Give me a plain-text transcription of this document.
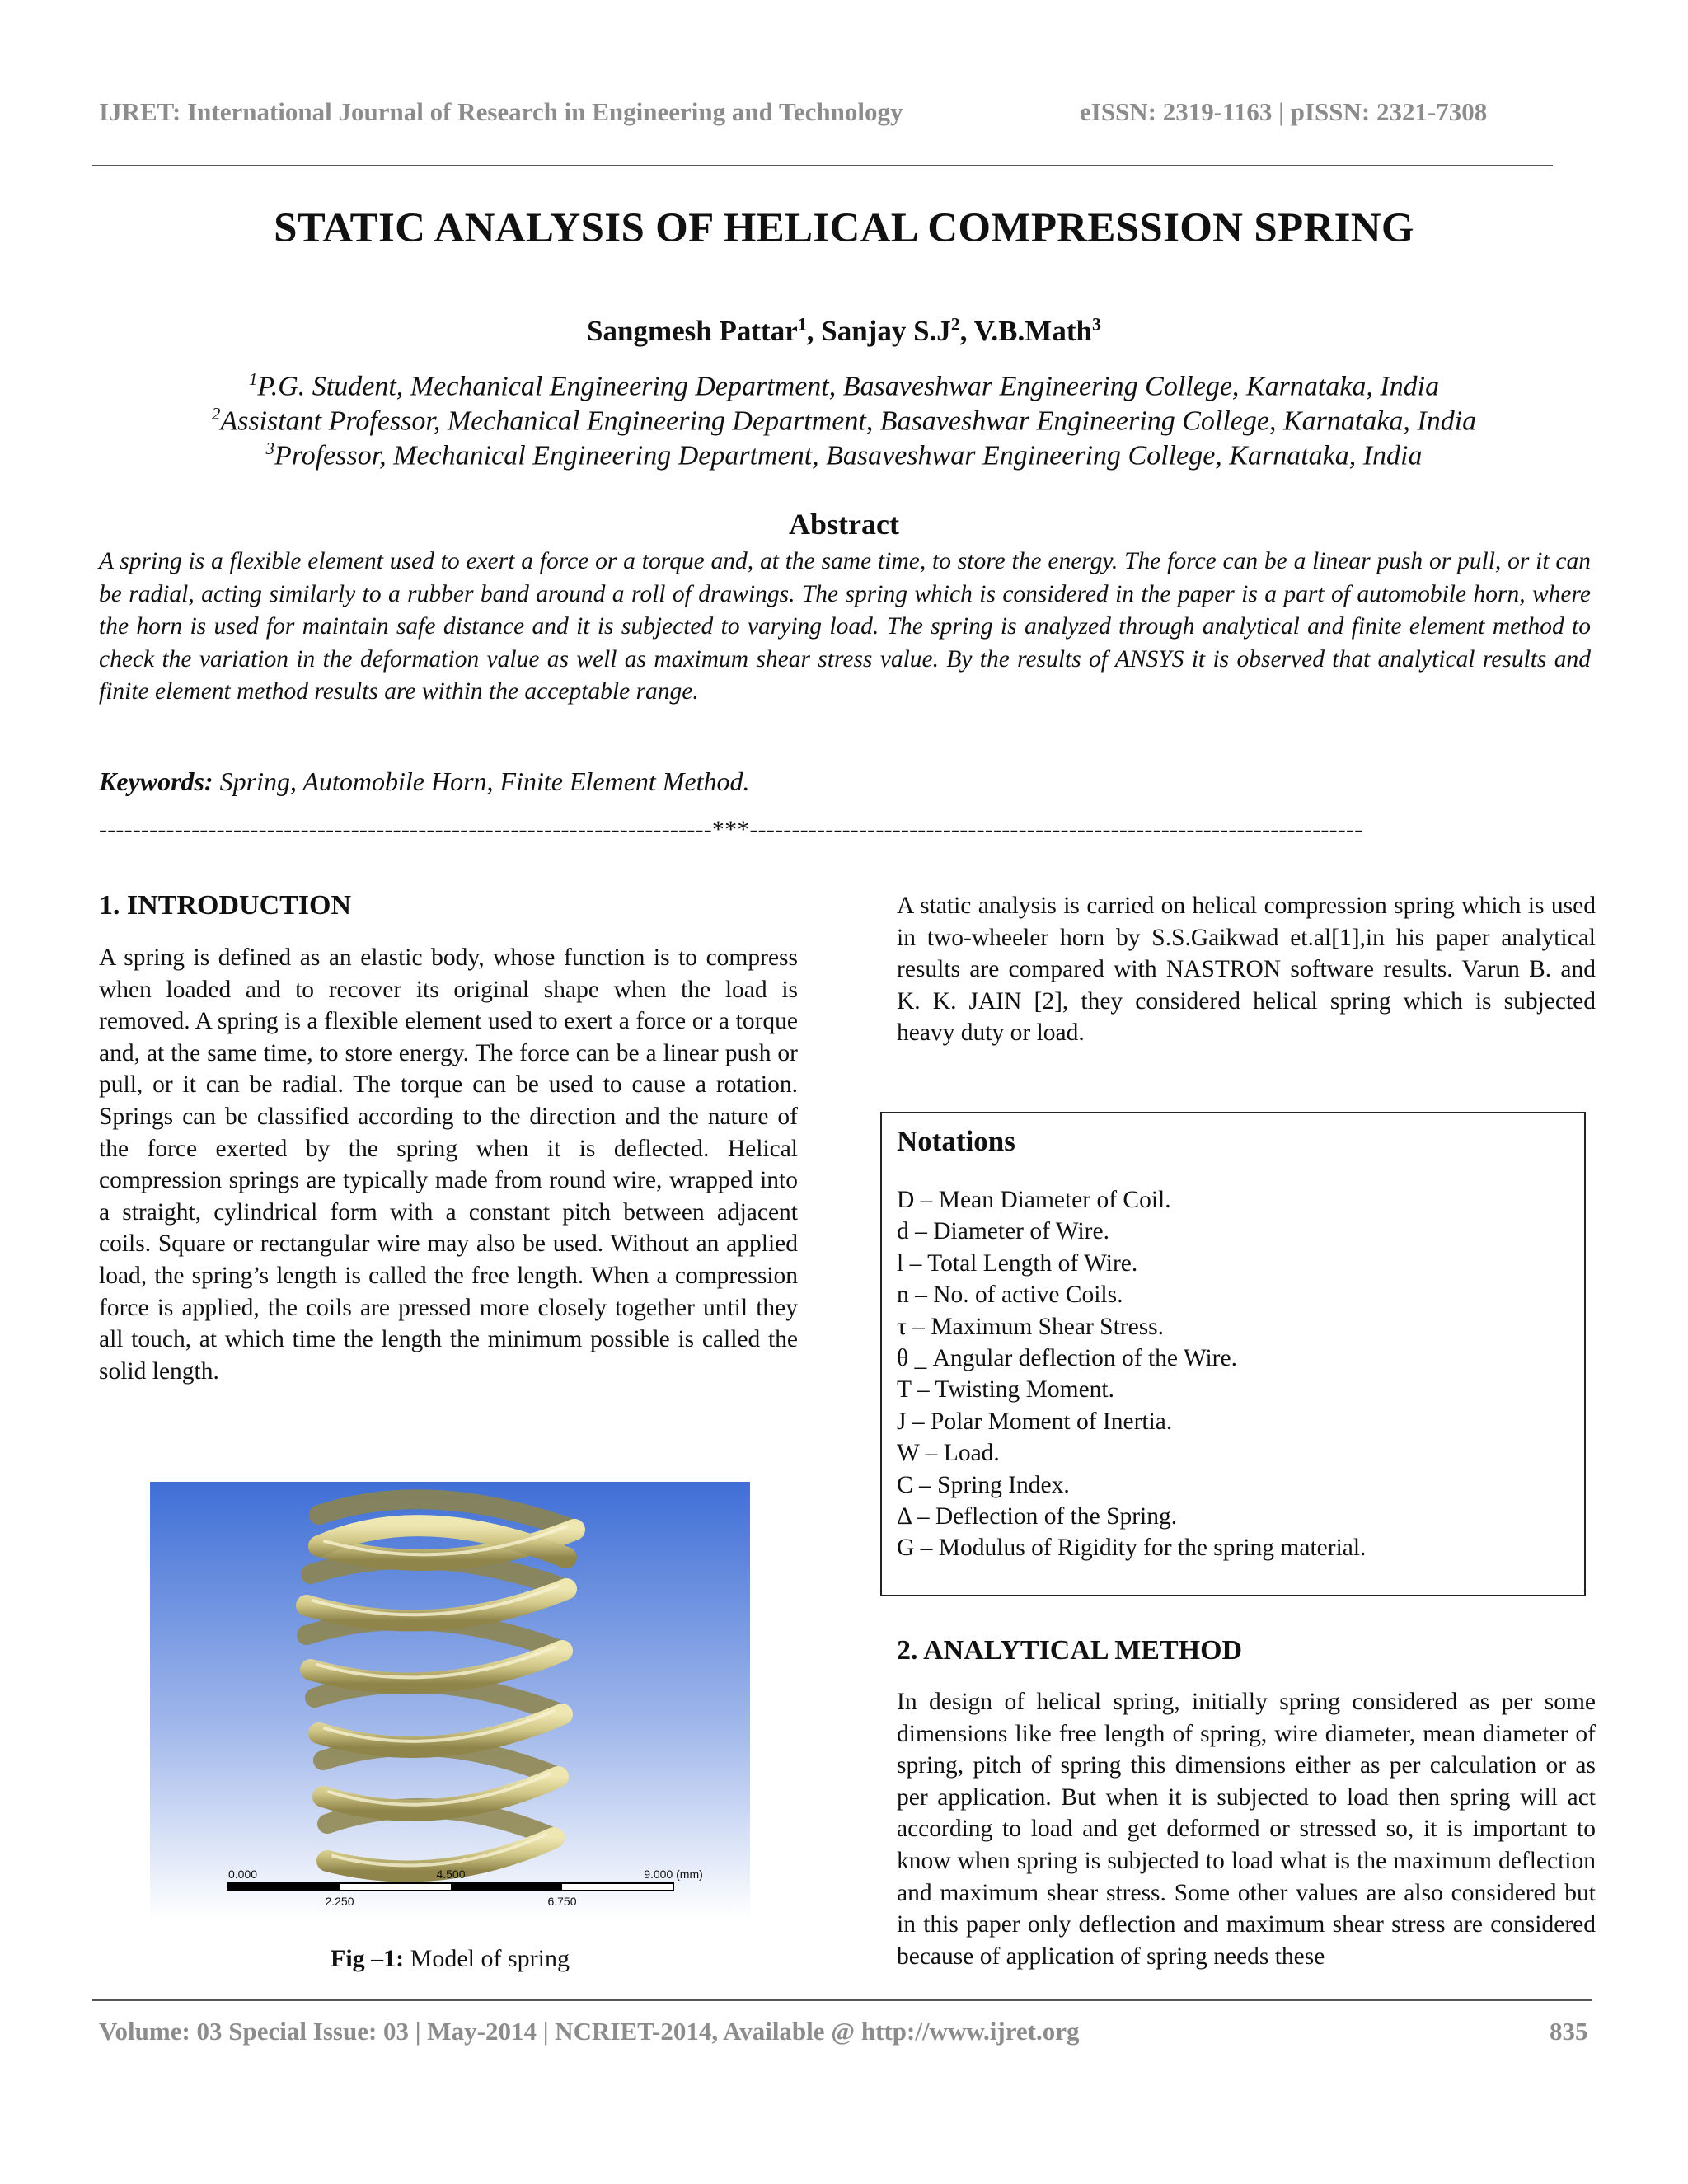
IJRET: International Journal of Research in Engineering and Technology	eISSN: 2319-1163 | pISSN: 2321-7308
STATIC ANALYSIS OF HELICAL COMPRESSION SPRING
Sangmesh Pattar$^1$, Sanjay $S.J^2$, V.B.Math$^3$
$^1$P.G. Student, Mechanical Engineering Department, Basaveshwar Engineering College, Karnataka, India
$^2$Assistant Professor, Mechanical Engineering Department, Basaveshwar Engineering College, Karnataka, India
$^3$Professor, Mechanical Engineering Department, Basaveshwar Engineering College, Karnataka, India
Abstract
A spring is a flexible element used to exert a force or a torque and, at the same time, to store the energy. The force can be a linear push or pull, or it can be radial, acting similarly to a rubber band around a roll of drawings. The spring which is considered in the paper is a part of automobile horn, where the horn is used for maintain safe distance and it is subjected to varying load. The spring is analyzed through analytical and finite element method to check the variation in the deformation value as well as maximum shear stress value. By the results of ANSYS it is observed that analytical results and finite element method results are within the acceptable range.
Keywords: Spring, Automobile Horn, Finite Element Method.
-------------------------------------------------------------------------***-------------------------------------------------------------------------
1. INTRODUCTION
A spring is defined as an elastic body, whose function is to compress when loaded and to recover its original shape when the load is removed. A spring is a flexible element used to exert a force or a torque and, at the same time, to store energy. The force can be a linear push or pull, or it can be radial. The torque can be used to cause a rotation. Springs can be classified according to the direction and the nature of the force exerted by the spring when it is deflected. Helical compression springs are typically made from round wire, wrapped into a straight, cylindrical form with a constant pitch between adjacent coils. Square or rectangular wire may also be used. Without an applied load, the spring’s length is called the free length. When a compression force is applied, the coils are pressed more closely together until they all touch, at which time the length the minimum possible is called the solid length.
0.000	4.500	9.000 (mm)
2.250	6.750
Fig –1: Model of spring
A static analysis is carried on helical compression spring which is used in two-wheeler horn by S.S.Gaikwad et.al[1],in his paper analytical results are compared with NASTRON software results. Varun B. and K. K. JAIN [2], they considered helical spring which is subjected heavy duty or load.
Notations
D – Mean Diameter of Coil.
d – Diameter of Wire.
l – Total Length of Wire.
n – No. of active Coils.
τ – Maximum Shear Stress.
θ _ Angular deflection of the Wire.
T – Twisting Moment.
J – Polar Moment of Inertia.
W – Load.
C – Spring Index.
Δ – Deflection of the Spring.
G – Modulus of Rigidity for the spring material.
2. ANALYTICAL METHOD
In design of helical spring, initially spring considered as per some dimensions like free length of spring, wire diameter, mean diameter of spring, pitch of spring this dimensions either as per calculation or as per application. But when it is subjected to load then spring will act according to load and get deformed or stressed so, it is important to know when spring is subjected to load what is the maximum deflection and maximum shear stress. Some other values are also considered but in this paper only deflection and maximum shear stress are considered because of application of spring needs these
Volume: 03 Special Issue: 03 | May-2014 | NCRIET-2014, Available @ http://www.ijret.org	835
